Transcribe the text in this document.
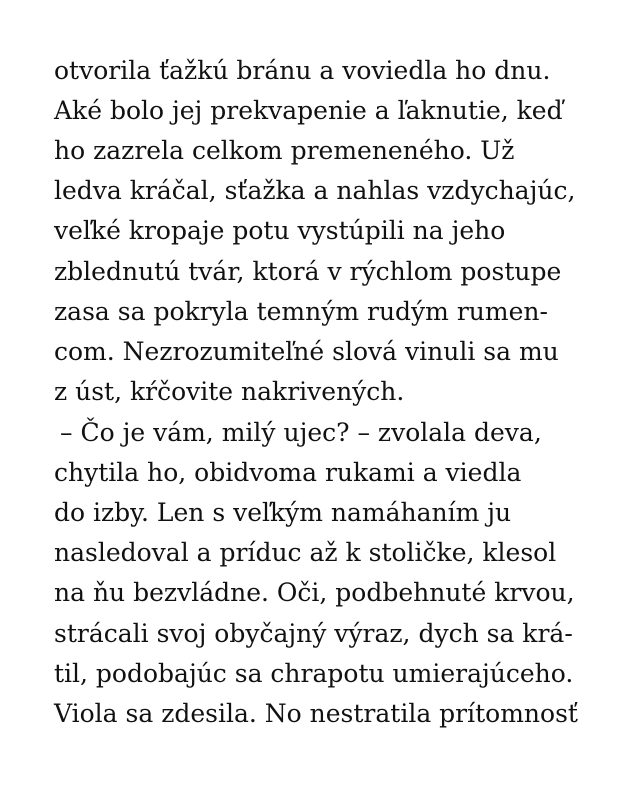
otvorila ťažkú bránu a voviedla ho dnu.
Aké bolo jej prekvapenie a ľaknutie, keď
ho zazrela celkom premeneného. Už
ledva kráčal, sťažka a nahlas vzdychajúc,
veľké kropaje potu vystúpili na jeho
zblednutú tvár, ktorá v rýchlom postupe
zasa sa pokryla temným rudým rumen-
com. Nezrozumiteľné slová vinuli sa mu
z úst, kŕčovite nakrivených.
– Čo je vám, milý ujec? – zvolala deva,
chytila ho, obidvoma rukami a viedla
do izby. Len s veľkým namáhaním ju
nasledoval a príduc až k stoličke, klesol
na ňu bezvládne. Oči, podbehnuté krvou,
strácali svoj obyčajný výraz, dych sa krá-
til, podobajúc sa chrapotu umierajúceho.
Viola sa zdesila. No nestratila prítomnosť
